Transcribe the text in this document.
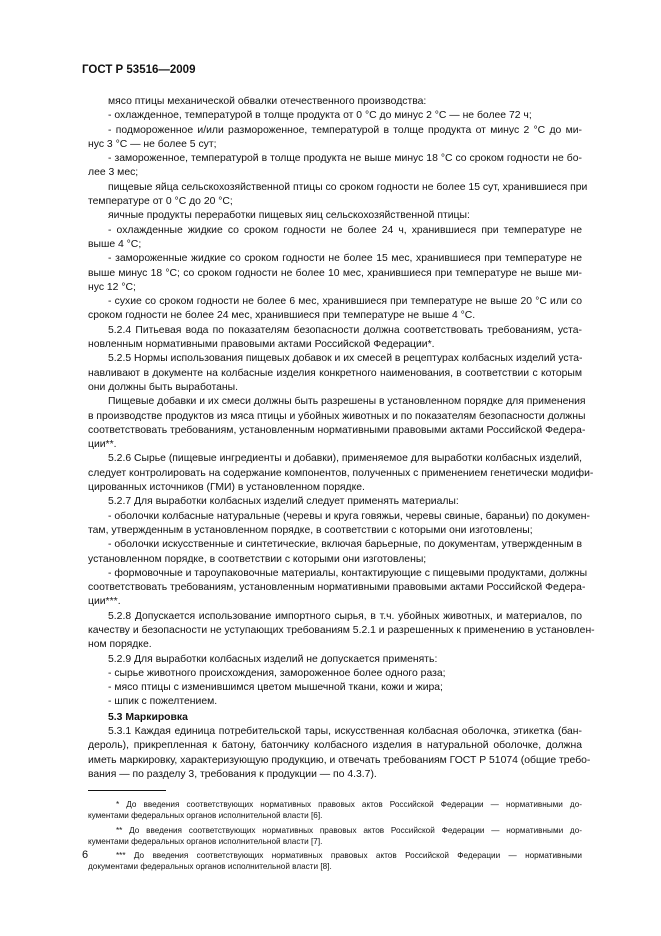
ГОСТ Р 53516—2009
мясо птицы механической обвалки отечественного производства:
- охлажденное, температурой в толще продукта от 0 °С до минус 2 °С — не более 72 ч;
- подмороженное и/или размороженное, температурой в толще продукта от минус 2 °С до ми-
нус 3 °С — не более 5 сут;
- замороженное, температурой в толще продукта не выше минус 18 °С со сроком годности не бо-
лее 3 мес;
пищевые яйца сельскохозяйственной птицы со сроком годности не более 15 сут, хранившиеся при
температуре от 0 °С до 20 °С;
яичные продукты переработки пищевых яиц сельскохозяйственной птицы:
- охлажденные жидкие со сроком годности не более 24 ч, хранившиеся при температуре не
выше 4 °С;
- замороженные жидкие со сроком годности не более 15 мес, хранившиеся при температуре не
выше минус 18 °С; со сроком годности не более 10 мес, хранившиеся при температуре не выше ми-
нус 12 °С;
- сухие со сроком годности не более 6 мес, хранившиеся при температуре не выше 20 °С или со
сроком годности не более 24 мес, хранившиеся при температуре не выше 4 °С.
5.2.4 Питьевая вода по показателям безопасности должна соответствовать требованиям, уста-
новленным нормативными правовыми актами Российской Федерации*.
5.2.5 Нормы использования пищевых добавок и их смесей в рецептурах колбасных изделий уста-
навливают в документе на колбасные изделия конкретного наименования, в соответствии с которым
они должны быть выработаны.
Пищевые добавки и их смеси должны быть разрешены в установленном порядке для применения
в производстве продуктов из мяса птицы и убойных животных и по показателям безопасности должны
соответствовать требованиям, установленным нормативными правовыми актами Российской Федера-
ции**.
5.2.6 Сырье (пищевые ингредиенты и добавки), применяемое для выработки колбасных изделий,
следует контролировать на содержание компонентов, полученных с применением генетически модифи-
цированных источников (ГМИ) в установленном порядке.
5.2.7 Для выработки колбасных изделий следует применять материалы:
- оболочки колбасные натуральные (черевы и круга говяжьи, черевы свиные, бараньи) по докумен-
там, утвержденным в установленном порядке, в соответствии с которыми они изготовлены;
- оболочки искусственные и синтетические, включая барьерные, по документам, утвержденным в
установленном порядке, в соответствии с которыми они изготовлены;
- формовочные и тароупаковочные материалы, контактирующие с пищевыми продуктами, должны
соответствовать требованиям, установленным нормативными правовыми актами Российской Федера-
ции***.
5.2.8 Допускается использование импортного сырья, в т.ч. убойных животных, и материалов, по
качеству и безопасности не уступающих требованиям 5.2.1 и разрешенных к применению в установлен-
ном порядке.
5.2.9 Для выработки колбасных изделий не допускается применять:
- сырье животного происхождения, замороженное более одного раза;
- мясо птицы с изменившимся цветом мышечной ткани, кожи и жира;
- шпик с пожелтением.
5.3 Маркировка
5.3.1 Каждая единица потребительской тары, искусственная колбасная оболочка, этикетка (бан-
дероль), прикрепленная к батону, батончику колбасного изделия в натуральной оболочке, должна
иметь маркировку, характеризующую продукцию, и отвечать требованиям ГОСТ Р 51074 (общие требо-
вания — по разделу 3, требования к продукции — по 4.3.7).
* До введения соответствующих нормативных правовых актов Российской Федерации — нормативными до-
кументами федеральных органов исполнительной власти [6].
** До введения соответствующих нормативных правовых актов Российской Федерации — нормативными до-
кументами федеральных органов исполнительной власти [7].
*** До введения соответствующих нормативных правовых актов Российской Федерации — нормативными
документами федеральных органов исполнительной власти [8].
6
